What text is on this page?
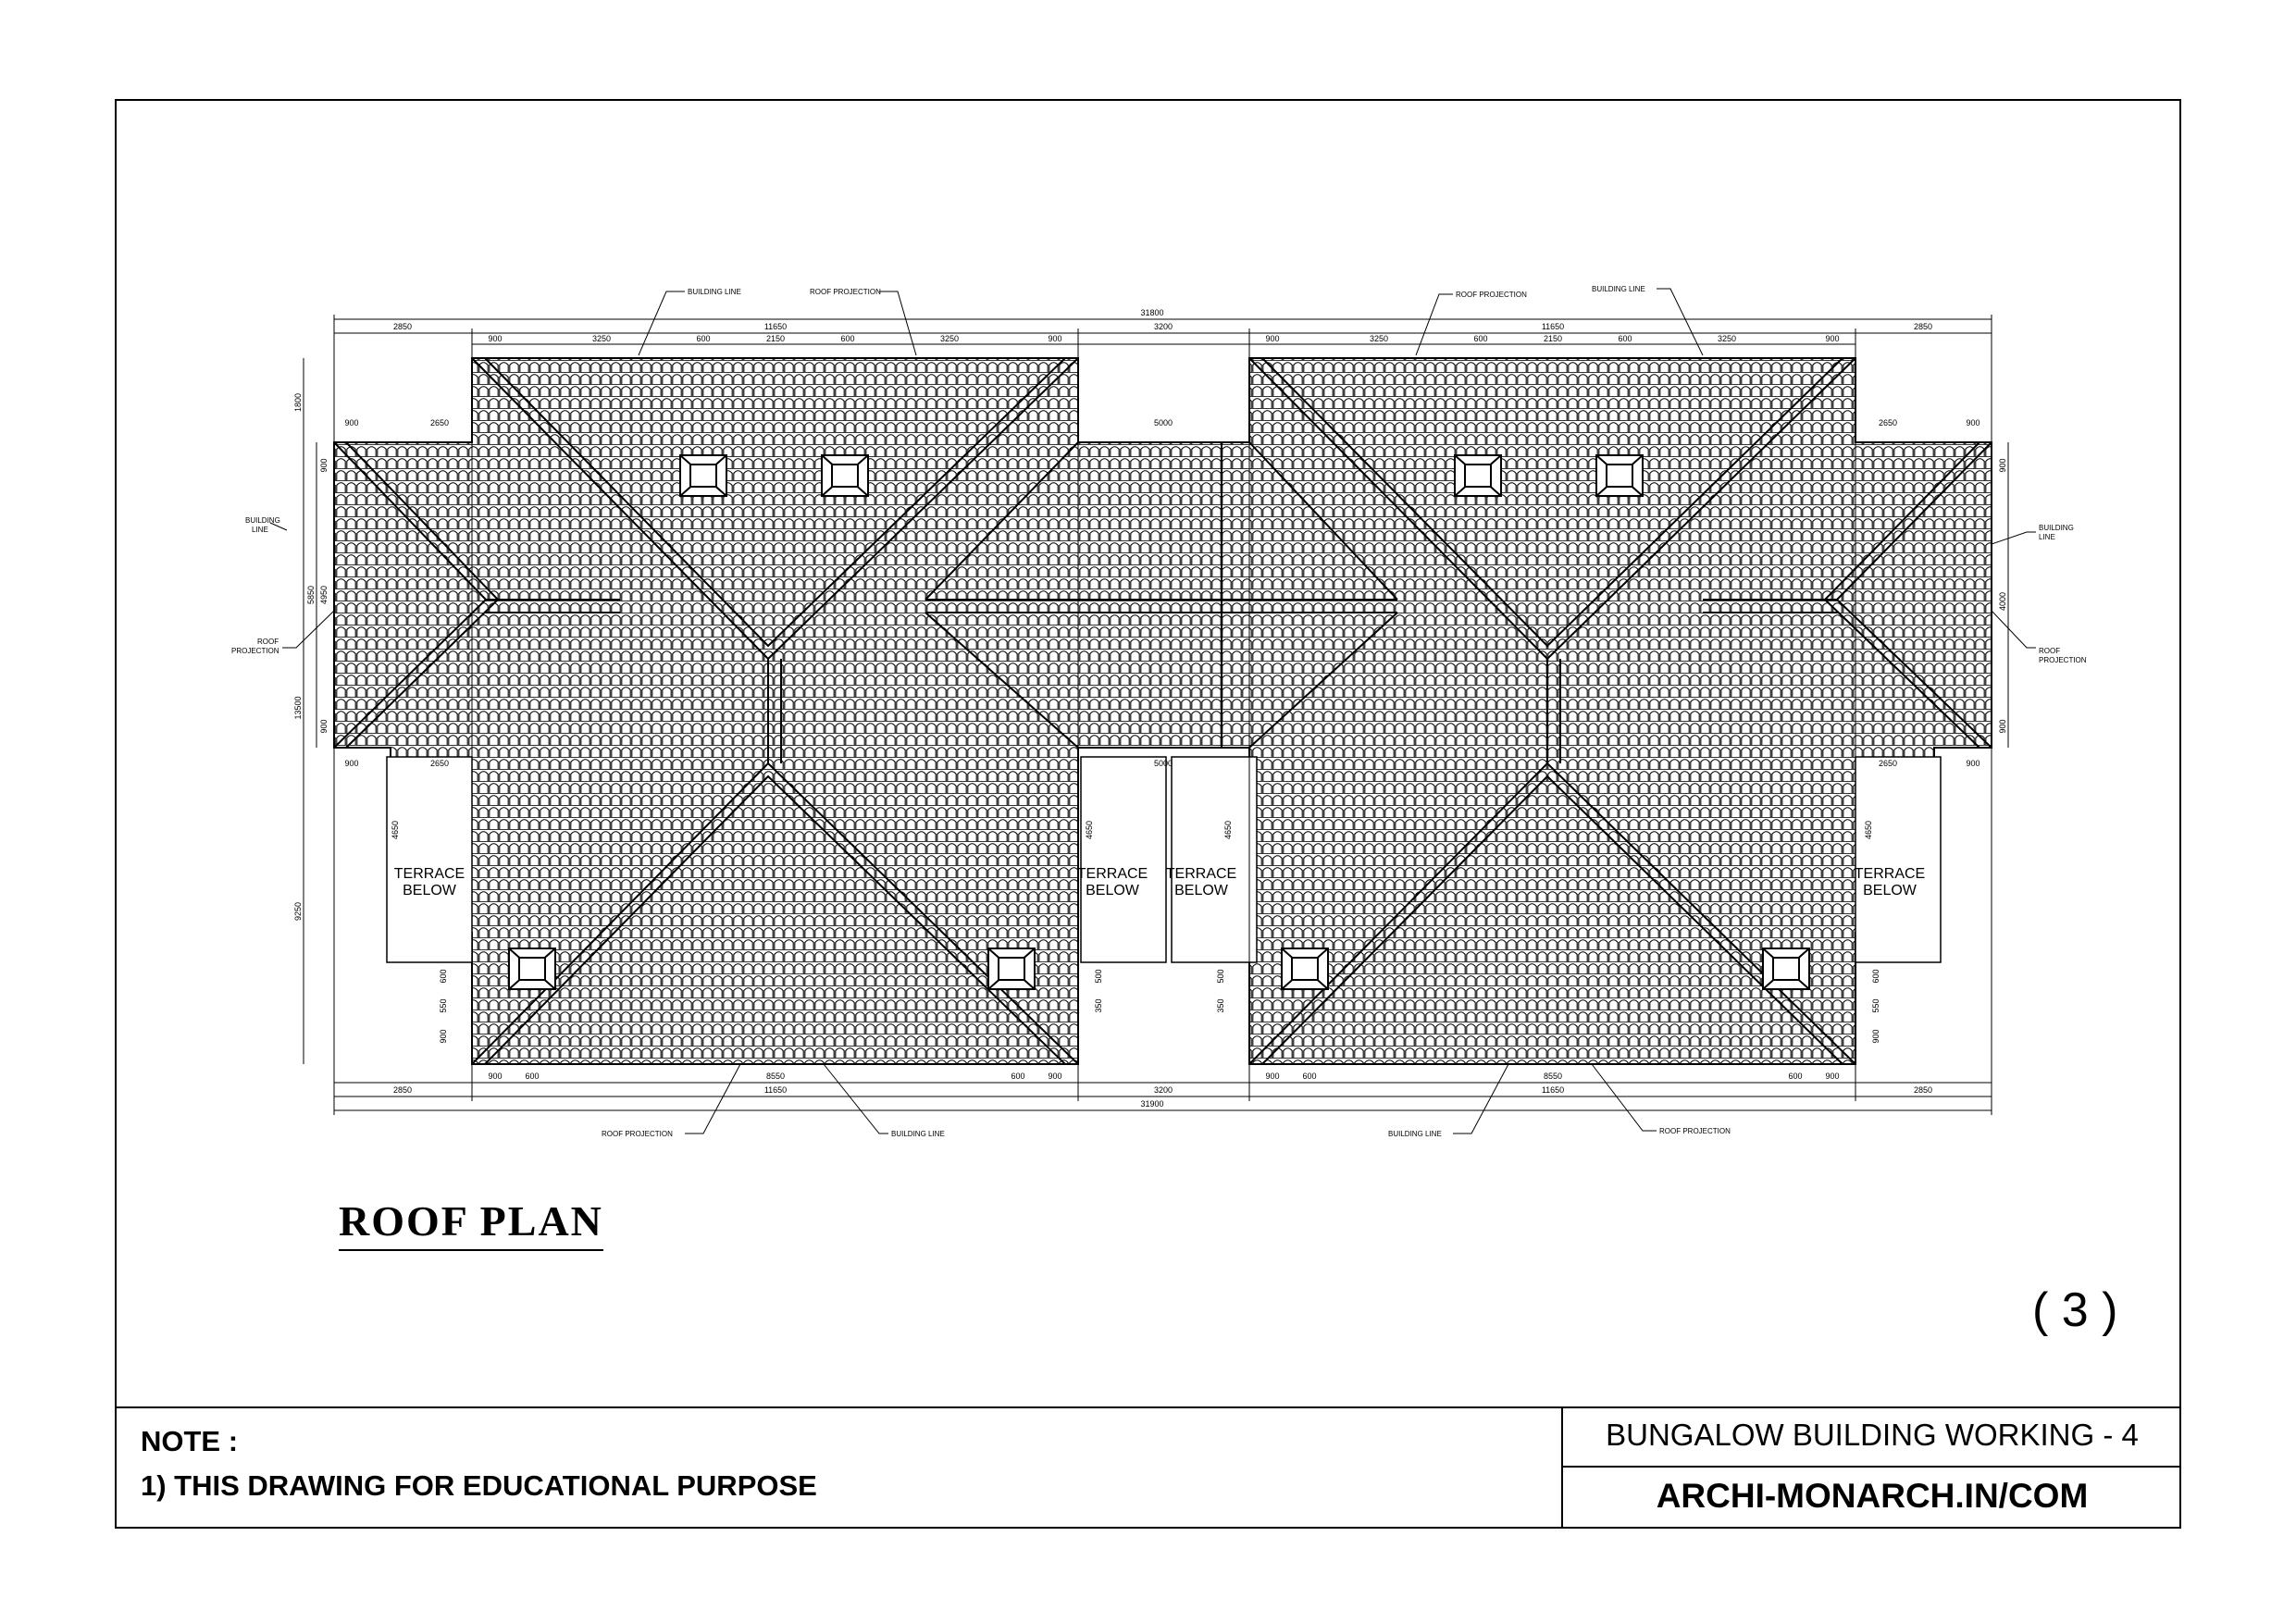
31800
31900
11650	11650
11650	11650
3200
3200
2850	2850
2850	2850
900	3250	600	2150	600	3250	900	900	3250	600	2150	600	3250	900
5000
5000
2650	2650
2650	2650
900	900
900	900
8550	8550
900	600	600	900	900	600	600	900
13500
9250
1800
5850 4950	4000
900
900
900
900
4650	4650	4650	4650
600
550
900
500
350
500
350
600
550
900
TERRACE
BELOW
TERRACE
BELOW
TERRACE
BELOW
TERRACE
BELOW
BUILDING LINE	ROOF PROJECTION	ROOF PROJECTION
BUILDING LINE
BUILDING
LINE
ROOF
PROJECTION
BUILDING
LINE
ROOF
PROJECTION
ROOF PROJECTION	BUILDING LINE	BUILDING LINE	ROOF PROJECTION
ROOF PLAN
( 3 )
NOTE :
1) THIS DRAWING FOR EDUCATIONAL PURPOSE
BUNGALOW BUILDING WORKING - 4
ARCHI-MONARCH.IN/COM
